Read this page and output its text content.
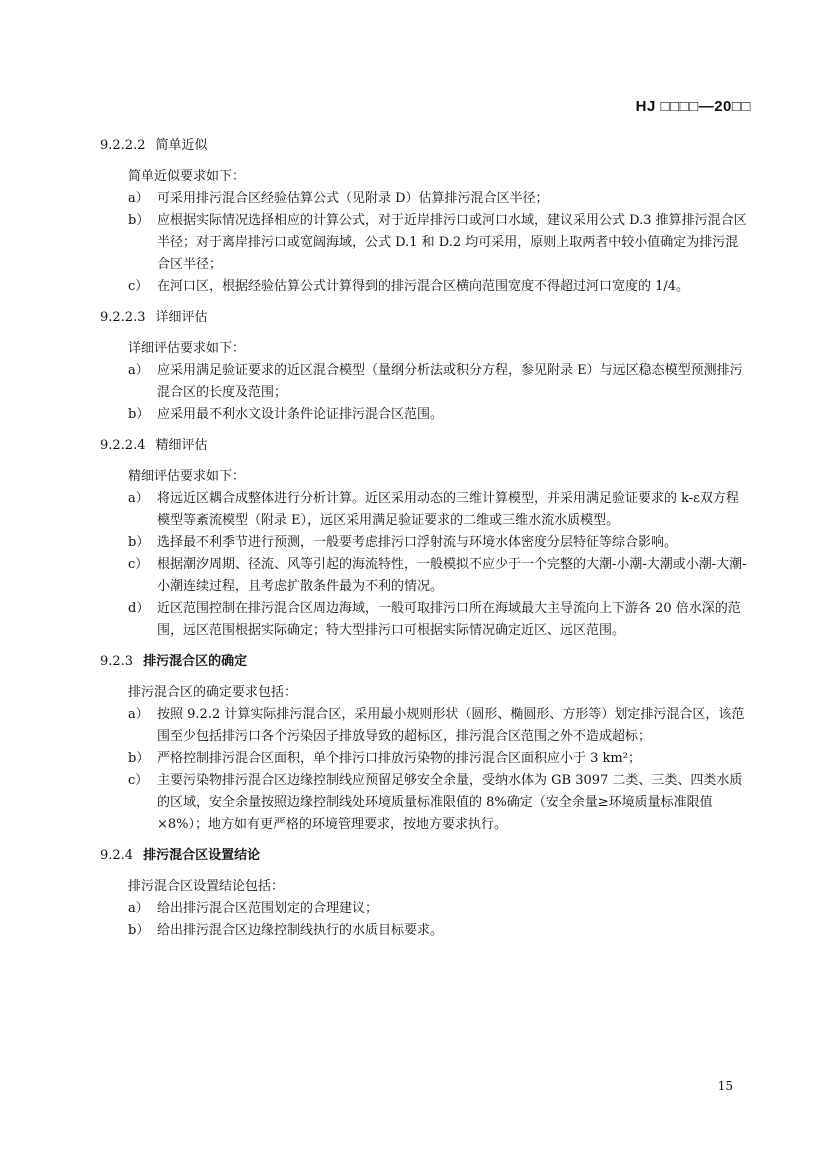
HJ □□□□—20□□
9.2.2.2 简单近似

简单近似要求如下：

a） 可采用排污混合区经验估算公式（见附录 D）估算排污混合区半径；

b） 应根据实际情况选择相应的计算公式，对于近岸排污口或河口水域，建议采用公式 D.3 推算排污混合区半径；对于离岸排污口或宽阔海域，公式 D.1 和 D.2 均可采用，原则上取两者中较小值确定为排污混合区半径；

c） 在河口区，根据经验估算公式计算得到的排污混合区横向范围宽度不得超过河口宽度的 1/4。

9.2.2.3 详细评估

详细评估要求如下：

a） 应采用满足验证要求的近区混合模型（量纲分析法或积分方程，参见附录 E）与远区稳态模型预测排污混合区的长度及范围；

b） 应采用最不利水文设计条件论证排污混合区范围。

9.2.2.4 精细评估

精细评估要求如下：

a） 将远近区耦合成整体进行分析计算。近区采用动态的三维计算模型，并采用满足验证要求的 k-ε双方程模型等紊流模型（附录 E），远区采用满足验证要求的二维或三维水流水质模型。

b） 选择最不利季节进行预测，一般要考虑排污口浮射流与环境水体密度分层特征等综合影响。

c） 根据潮汐周期、径流、风等引起的海流特性，一般模拟不应少于一个完整的大潮-小潮-大潮或小潮-大潮-小潮连续过程，且考虑扩散条件最为不利的情况。

d） 近区范围控制在排污混合区周边海域，一般可取排污口所在海域最大主导流向上下游各 20 倍水深的范围，远区范围根据实际确定；特大型排污口可根据实际情况确定近区、远区范围。

9.2.3 排污混合区的确定

排污混合区的确定要求包括：

a） 按照 9.2.2 计算实际排污混合区，采用最小规则形状（圆形、椭圆形、方形等）划定排污混合区，该范围至少包括排污口各个污染因子排放导致的超标区，排污混合区范围之外不造成超标；

b） 严格控制排污混合区面积，单个排污口排放污染物的排污混合区面积应小于 3 km²；

c） 主要污染物排污混合区边缘控制线应预留足够安全余量，受纳水体为 GB 3097 二类、三类、四类水质的区域，安全余量按照边缘控制线处环境质量标准限值的 8%确定（安全余量≥环境质量标准限值×8%）；地方如有更严格的环境管理要求，按地方要求执行。

9.2.4 排污混合区设置结论

排污混合区设置结论包括：

a） 给出排污混合区范围划定的合理建议；

b） 给出排污混合区边缘控制线执行的水质目标要求。

15
